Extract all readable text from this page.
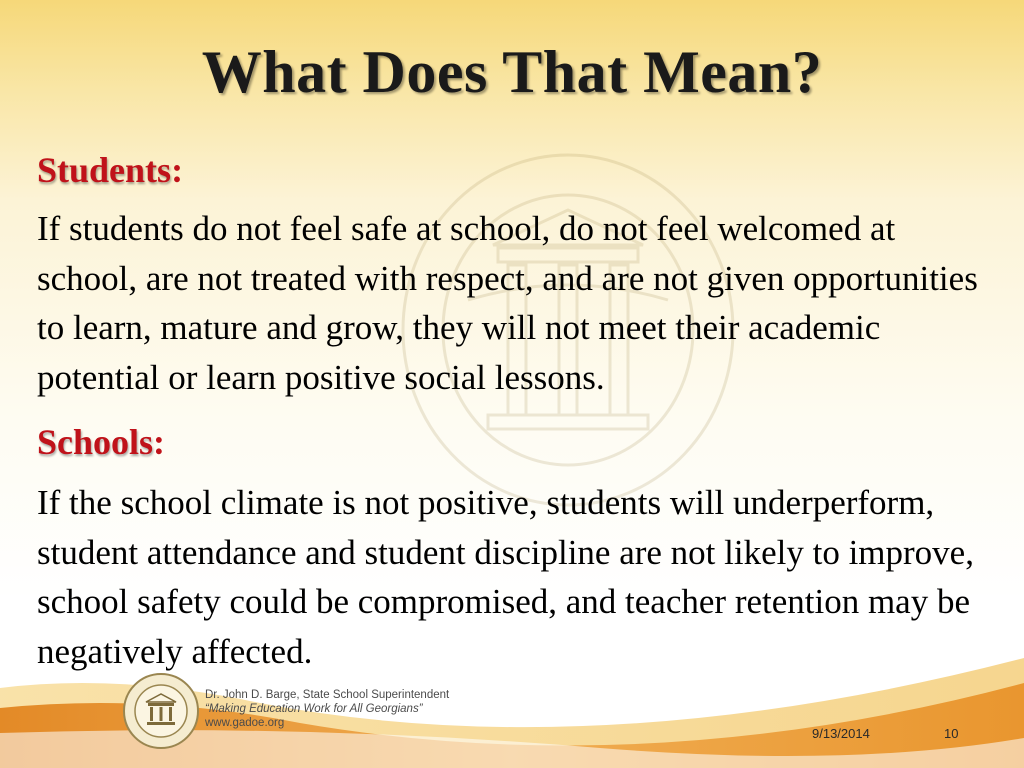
What Does That Mean?
Students:
If students do not feel safe at school, do not feel welcomed at school, are not treated with respect, and are not given opportunities to learn, mature and grow, they will not meet their academic potential or learn positive social lessons.
Schools:
If the school climate is not positive, students will underperform, student attendance and student discipline are not likely to improve, school safety could be compromised, and teacher retention may be negatively affected.
Dr. John D. Barge, State School Superintendent
“Making Education Work for All Georgians”
www.gadoe.org
9/13/2014	10
